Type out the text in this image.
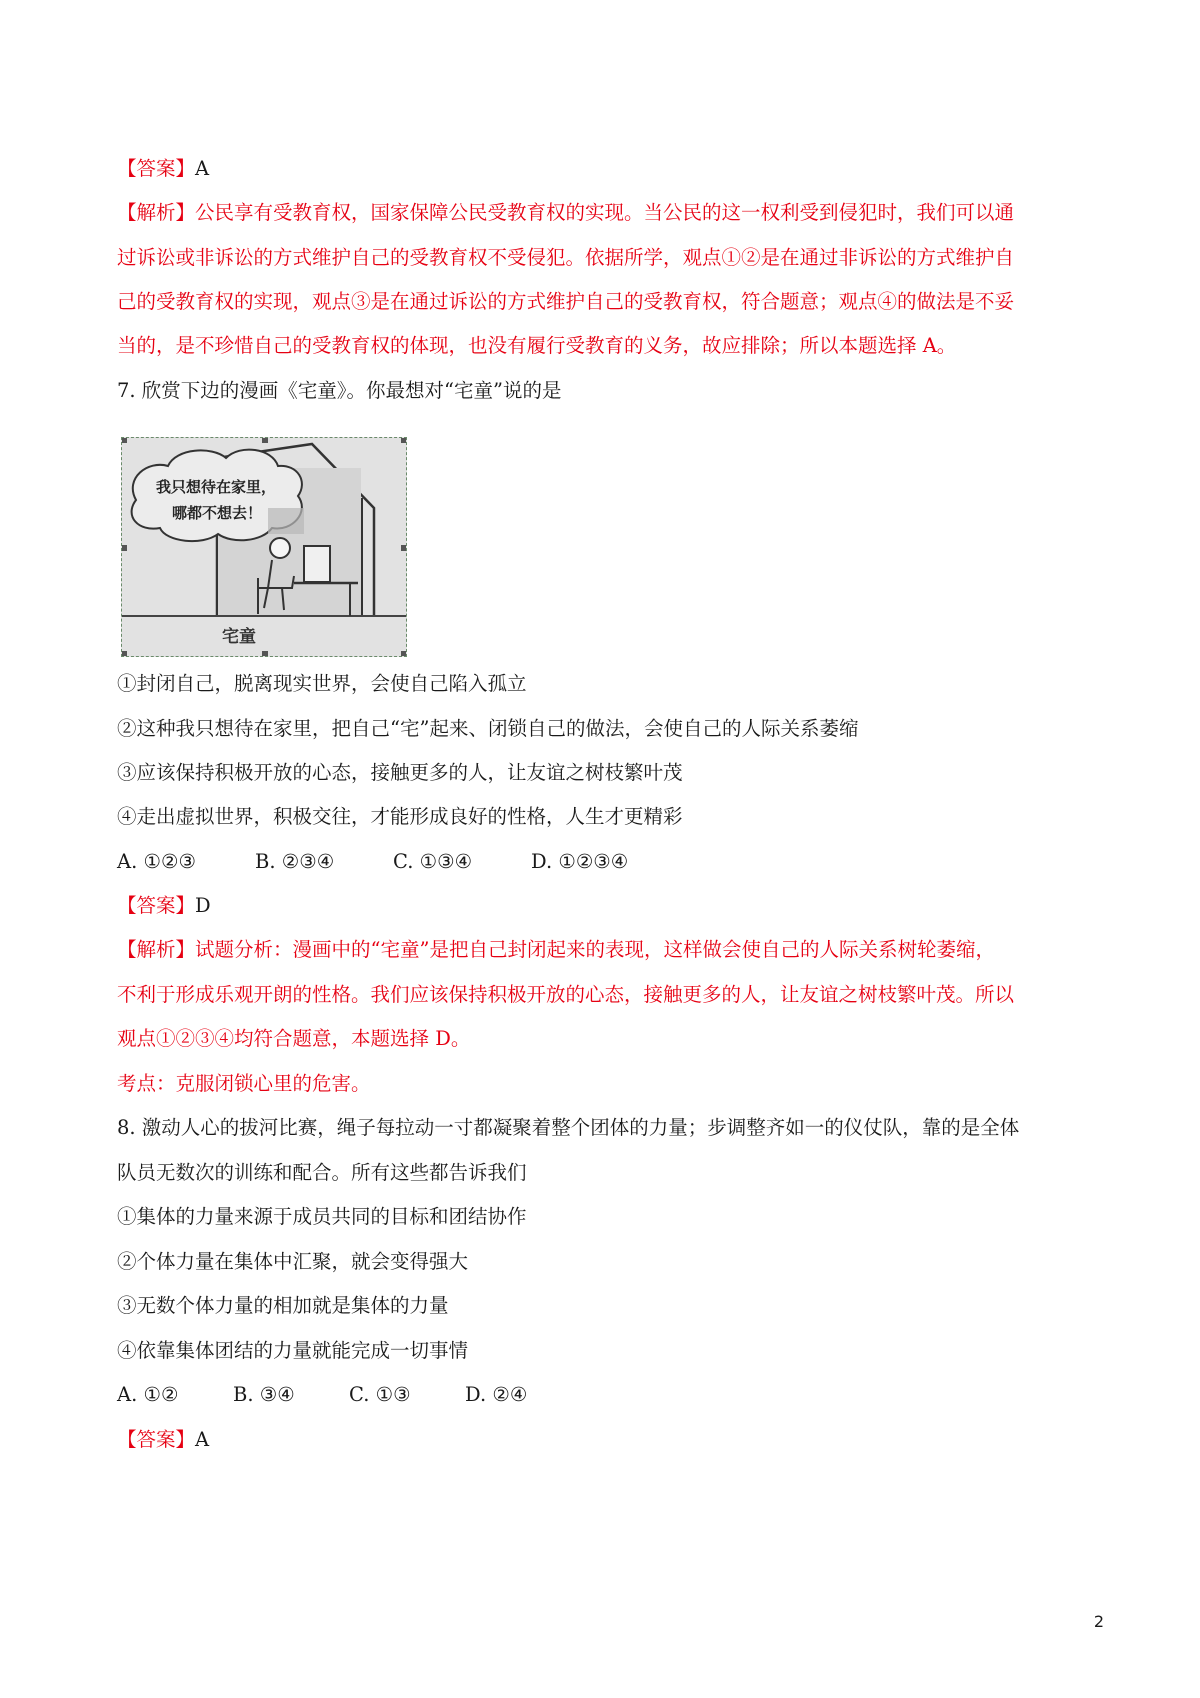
【答案】A
【解析】公民享有受教育权，国家保障公民受教育权的实现。当公民的这一权利受到侵犯时，我们可以通
过诉讼或非诉讼的方式维护自己的受教育权不受侵犯。依据所学，观点①②是在通过非诉讼的方式维护自
己的受教育权的实现，观点③是在通过诉讼的方式维护自己的受教育权，符合题意；观点④的做法是不妥
当的，是不珍惜自己的受教育权的体现，也没有履行受教育的义务，故应排除；所以本题选择 A。
7. 欣赏下边的漫画《宅童》。你最想对“宅童”说的是
我只想待在家里，
哪都不想去！
宅童
①封闭自己，脱离现实世界，会使自己陷入孤立
②这种我只想待在家里，把自己“宅”起来、闭锁自己的做法，会使自己的人际关系萎缩
③应该保持积极开放的心态，接触更多的人，让友谊之树枝繁叶茂
④走出虚拟世界，积极交往，才能形成良好的性格，人生才更精彩
A. ①②③	B. ②③④	C. ①③④	D. ①②③④
【答案】D
【解析】试题分析：漫画中的“宅童”是把自己封闭起来的表现，这样做会使自己的人际关系树轮萎缩，
不利于形成乐观开朗的性格。我们应该保持积极开放的心态，接触更多的人，让友谊之树枝繁叶茂。所以
观点①②③④均符合题意，本题选择 D。
考点：克服闭锁心里的危害。
8. 激动人心的拔河比赛，绳子每拉动一寸都凝聚着整个团体的力量；步调整齐如一的仪仗队，靠的是全体
队员无数次的训练和配合。所有这些都告诉我们
①集体的力量来源于成员共同的目标和团结协作
②个体力量在集体中汇聚，就会变得强大
③无数个体力量的相加就是集体的力量
④依靠集体团结的力量就能完成一切事情
A. ①②	B. ③④	C. ①③	D. ②④
【答案】A
2
